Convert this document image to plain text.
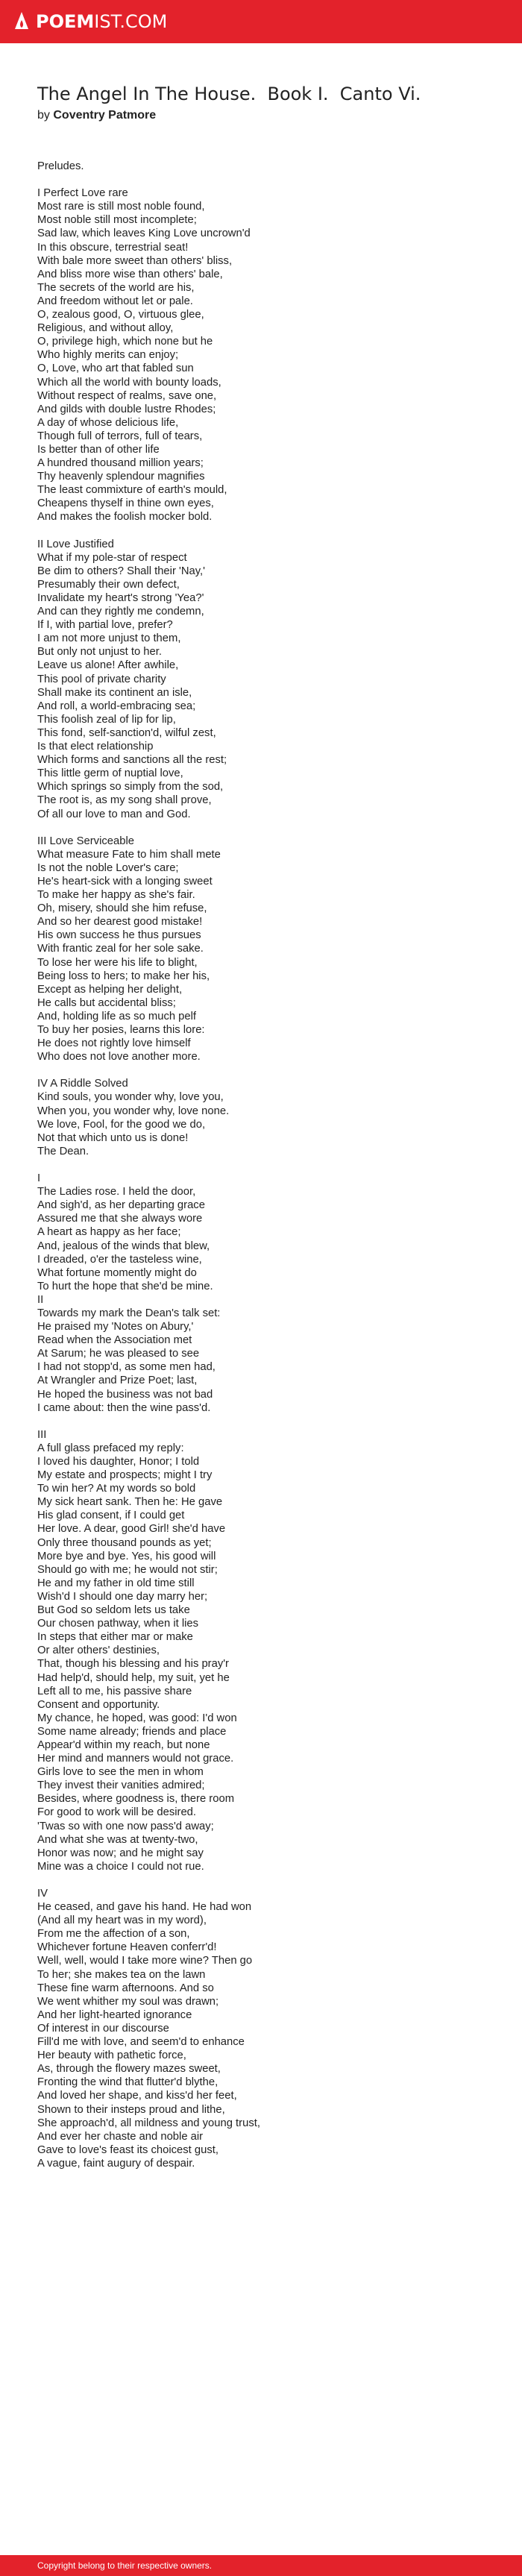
POEMIST.COM
The Angel In The House.  Book I.  Canto Vi.
by Coventry Patmore
Preludes.
I Perfect Love rare
Most rare is still most noble found,
Most noble still most incomplete;
Sad law, which leaves King Love uncrown'd
In this obscure, terrestrial seat!
With bale more sweet than others' bliss,
And bliss more wise than others' bale,
The secrets of the world are his,
And freedom without let or pale.
O, zealous good, O, virtuous glee,
Religious, and without alloy,
O, privilege high, which none but he
Who highly merits can enjoy;
O, Love, who art that fabled sun
Which all the world with bounty loads,
Without respect of realms, save one,
And gilds with double lustre Rhodes;
A day of whose delicious life,
Though full of terrors, full of tears,
Is better than of other life
A hundred thousand million years;
Thy heavenly splendour magnifies
The least commixture of earth's mould,
Cheapens thyself in thine own eyes,
And makes the foolish mocker bold.
II Love Justified
What if my pole-star of respect
Be dim to others? Shall their 'Nay,'
Presumably their own defect,
Invalidate my heart's strong 'Yea?'
And can they rightly me condemn,
If I, with partial love, prefer?
I am not more unjust to them,
But only not unjust to her.
Leave us alone! After awhile,
This pool of private charity
Shall make its continent an isle,
And roll, a world-embracing sea;
This foolish zeal of lip for lip,
This fond, self-sanction'd, wilful zest,
Is that elect relationship
Which forms and sanctions all the rest;
This little germ of nuptial love,
Which springs so simply from the sod,
The root is, as my song shall prove,
Of all our love to man and God.
III Love Serviceable
What measure Fate to him shall mete
Is not the noble Lover's care;
He's heart-sick with a longing sweet
To make her happy as she's fair.
Oh, misery, should she him refuse,
And so her dearest good mistake!
His own success he thus pursues
With frantic zeal for her sole sake.
To lose her were his life to blight,
Being loss to hers; to make her his,
Except as helping her delight,
He calls but accidental bliss;
And, holding life as so much pelf
To buy her posies, learns this lore:
He does not rightly love himself
Who does not love another more.
IV A Riddle Solved
Kind souls, you wonder why, love you,
When you, you wonder why, love none.
We love, Fool, for the good we do,
Not that which unto us is done!
The Dean.
I
The Ladies rose. I held the door,
And sigh'd, as her departing grace
Assured me that she always wore
A heart as happy as her face;
And, jealous of the winds that blew,
I dreaded, o'er the tasteless wine,
What fortune momently might do
To hurt the hope that she'd be mine.
II
Towards my mark the Dean's talk set:
He praised my 'Notes on Abury,'
Read when the Association met
At Sarum; he was pleased to see
I had not stopp'd, as some men had,
At Wrangler and Prize Poet; last,
He hoped the business was not bad
I came about: then the wine pass'd.
III
A full glass prefaced my reply:
I loved his daughter, Honor; I told
My estate and prospects; might I try
To win her? At my words so bold
My sick heart sank. Then he: He gave
His glad consent, if I could get
Her love. A dear, good Girl! she'd have
Only three thousand pounds as yet;
More bye and bye. Yes, his good will
Should go with me; he would not stir;
He and my father in old time still
Wish'd I should one day marry her;
But God so seldom lets us take
Our chosen pathway, when it lies
In steps that either mar or make
Or alter others' destinies,
That, though his blessing and his pray'r
Had help'd, should help, my suit, yet he
Left all to me, his passive share
Consent and opportunity.
My chance, he hoped, was good: I'd won
Some name already; friends and place
Appear'd within my reach, but none
Her mind and manners would not grace.
Girls love to see the men in whom
They invest their vanities admired;
Besides, where goodness is, there room
For good to work will be desired.
'Twas so with one now pass'd away;
And what she was at twenty-two,
Honor was now; and he might say
Mine was a choice I could not rue.
IV
He ceased, and gave his hand. He had won
(And all my heart was in my word),
From me the affection of a son,
Whichever fortune Heaven conferr'd!
Well, well, would I take more wine? Then go
To her; she makes tea on the lawn
These fine warm afternoons. And so
We went whither my soul was drawn;
And her light-hearted ignorance
Of interest in our discourse
Fill'd me with love, and seem'd to enhance
Her beauty with pathetic force,
As, through the flowery mazes sweet,
Fronting the wind that flutter'd blythe,
And loved her shape, and kiss'd her feet,
Shown to their insteps proud and lithe,
She approach'd, all mildness and young trust,
And ever her chaste and noble air
Gave to love's feast its choicest gust,
A vague, faint augury of despair.
Copyright belong to their respective owners.
